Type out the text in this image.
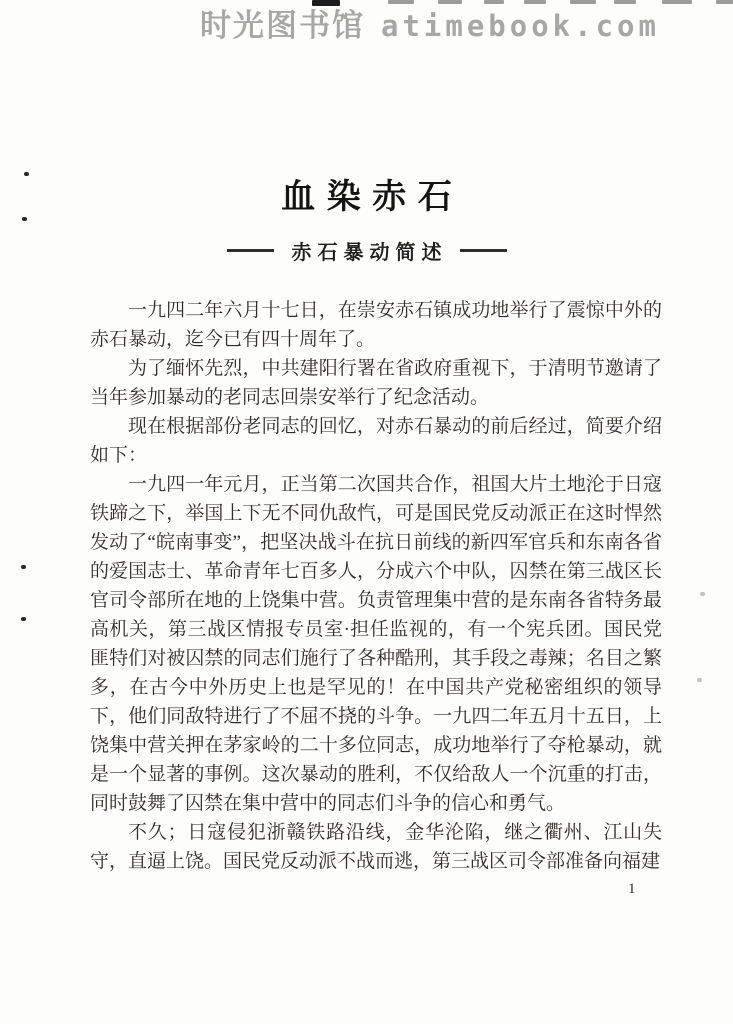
时光图书馆 atimebook.com
血染赤石
赤石暴动简述

一九四二年六月十七日，在崇安赤石镇成功地举行了震惊中外的赤石暴动，迄今已有四十周年了。

为了缅怀先烈，中共建阳行署在省政府重视下，于清明节邀请了当年参加暴动的老同志回崇安举行了纪念活动。

现在根据部份老同志的回忆，对赤石暴动的前后经过，简要介绍如下：

一九四一年元月，正当第二次国共合作，祖国大片土地沦于日寇铁蹄之下，举国上下无不同仇敌忾，可是国民党反动派正在这时悍然发动了“皖南事变”，把坚决战斗在抗日前线的新四军官兵和东南各省的爱国志士、革命青年七百多人，分成六个中队，囚禁在第三战区长官司令部所在地的上饶集中营。负责管理集中营的是东南各省特务最高机关，第三战区情报专员室·担任监视的，有一个宪兵团。国民党匪特们对被囚禁的同志们施行了各种酷刑，其手段之毒辣；名目之繁多，在古今中外历史上也是罕见的！在中国共产党秘密组织的领导下，他们同敌特进行了不屈不挠的斗争。一九四二年五月十五日，上饶集中营关押在茅家岭的二十多位同志，成功地举行了夺枪暴动，就是一个显著的事例。这次暴动的胜利，不仅给敌人一个沉重的打击，同时鼓舞了囚禁在集中营中的同志们斗争的信心和勇气。

不久；日寇侵犯浙赣铁路沿线，金华沦陷，继之衢州、江山失守，直逼上饶。国民党反动派不战而逃，第三战区司令部准备向福建

1
